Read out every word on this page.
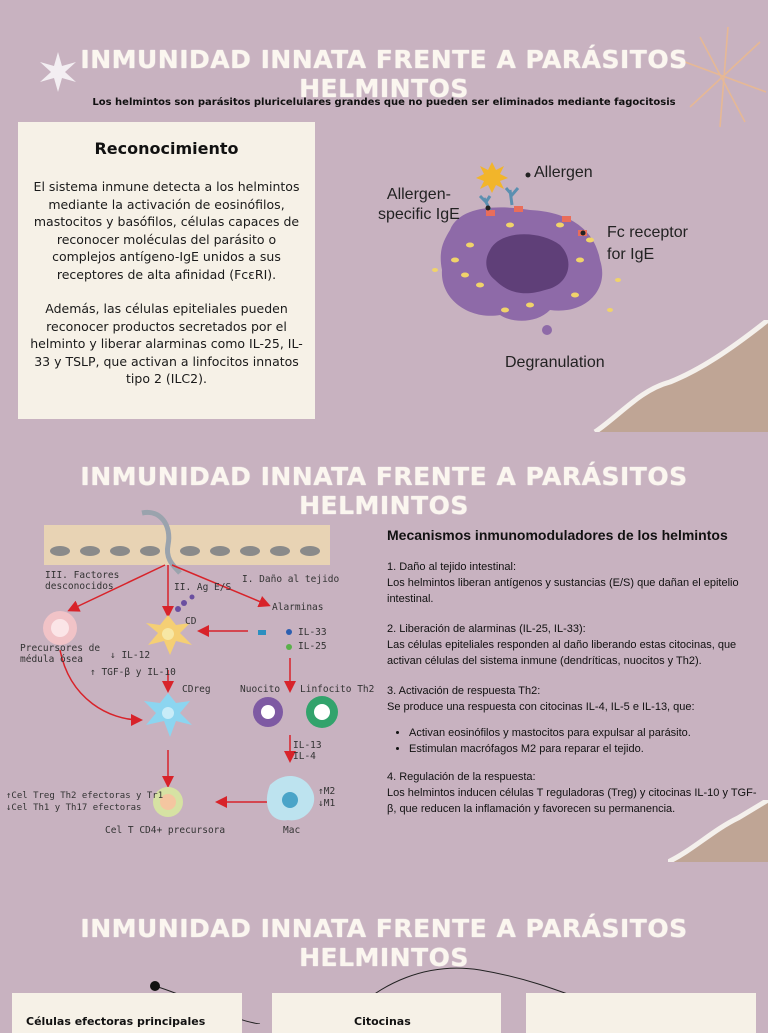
INMUNIDAD INNATA FRENTE A PARÁSITOS HELMINTOS
Los helmintos son parásitos pluricelulares grandes que no pueden ser eliminados mediante fagocitosis
Reconocimiento

El sistema inmune detecta a los helmintos mediante la activación de eosinófilos, mastocitos y basófilos, células capaces de reconocer moléculas del parásito o complejos antígeno-IgE unidos a sus receptores de alta afinidad (FcεRI).

Además, las células epiteliales pueden reconocer productos secretados por el helminto y liberar alarminas como IL-25, IL-33 y TSLP, que activan a linfocitos innatos tipo 2 (ILC2).

Allergen
Allergen-
specific IgE
Fc receptor
for IgE
Degranulation
INMUNIDAD INNATA FRENTE A PARÁSITOS HELMINTOS
III. Factores
desconocidos	II. Ag E/S
I. Daño al tejido
CD
Alarminas
IL-33
IL-25
Precursores de
médula ósea	↓ IL-12
↑ TGF-β y IL-10
CDreg	Nuocito Linfocito Th2
IL-13
IL-4
↑Cel Treg Th2 efectoras y Tr1
↓Cel Th1 y Th17 efectoras
↑M2
↓M1
Cel T CD4+ precursora	Mac
Mecanismos inmunomoduladores de los helmintos
1. Daño al tejido intestinal:
Los helmintos liberan antígenos y sustancias (E/S) que dañan el epitelio intestinal.
2. Liberación de alarminas (IL-25, IL-33):
Las células epiteliales responden al daño liberando estas citocinas, que activan células del sistema inmune (dendríticas, nuocitos y Th2).
3. Activación de respuesta Th2:
Se produce una respuesta con citocinas IL-4, IL-5 e IL-13, que:
• Activan eosinófilos y mastocitos para expulsar al parásito.
• Estimulan macrófagos M2 para reparar el tejido.
4. Regulación de la respuesta:
Los helmintos inducen células T reguladoras (Treg) y citocinas IL-10 y TGF-β, que reducen la inflamación y favorecen su permanencia.
INMUNIDAD INNATA FRENTE A PARÁSITOS HELMINTOS
Células efectoras principales	Citocinas
